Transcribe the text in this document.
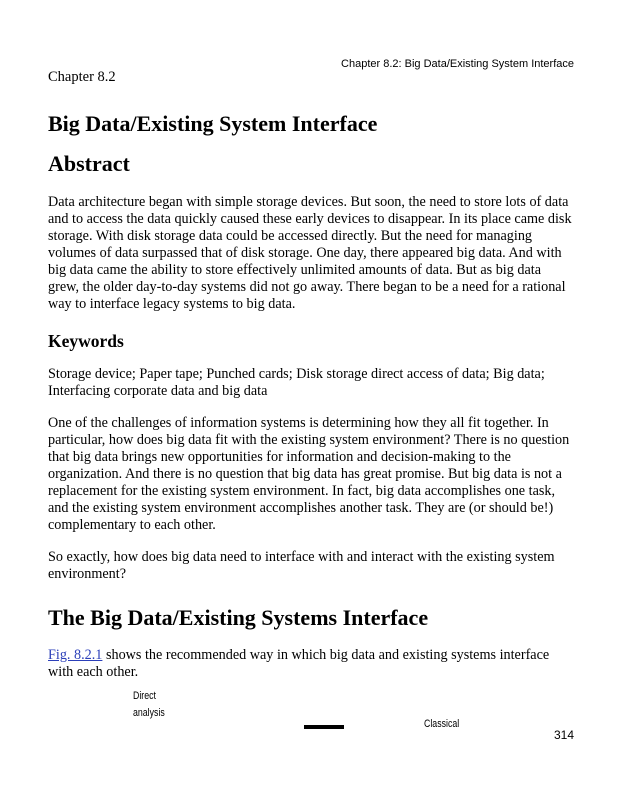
Chapter 8.2: Big Data/Existing System Interface
Chapter 8.2
Big Data/Existing System Interface
Abstract

Data architecture began with simple storage devices. But soon, the need to store lots of data and to access the data quickly caused these early devices to disappear. In its place came disk storage. With disk storage data could be accessed directly. But the need for managing volumes of data surpassed that of disk storage. One day, there appeared big data. And with big data came the ability to store effectively unlimited amounts of data. But as big data grew, the older day-to-day systems did not go away. There began to be a need for a rational way to interface legacy systems to big data.

Keywords

Storage device; Paper tape; Punched cards; Disk storage direct access of data; Big data; Interfacing corporate data and big data

One of the challenges of information systems is determining how they all fit together. In particular, how does big data fit with the existing system environment? There is no question that big data brings new opportunities for information and decision-making to the organization. And there is no question that big data has great promise. But big data is not a replacement for the existing system environment. In fact, big data accomplishes one task, and the existing system environment accomplishes another task. They are (or should be!) complementary to each other.

So exactly, how does big data need to interface with and interact with the existing system environment?

The Big Data/Existing Systems Interface

Fig. 8.2.1 shows the recommended way in which big data and existing systems interface with each other.

Direct
analysis
Classical
314
